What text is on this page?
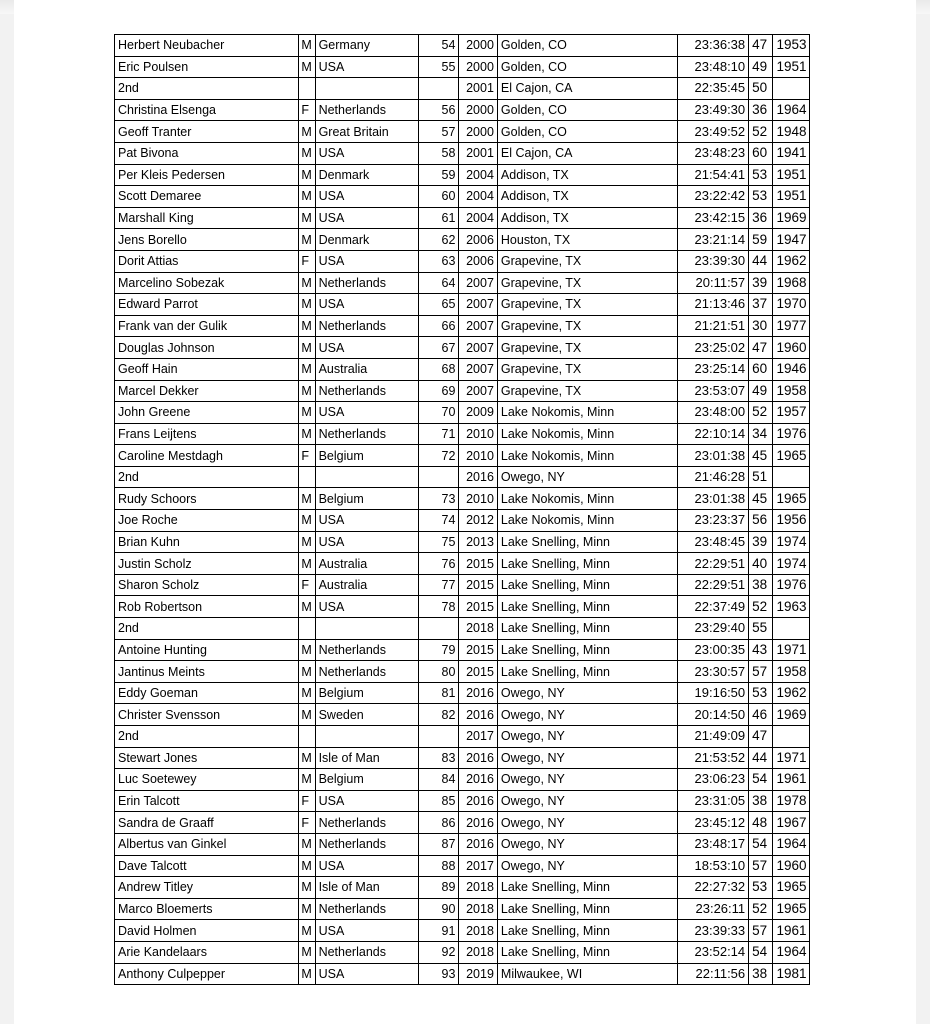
Herbert Neubacher	M	Germany	54	2000	Golden, CO	23:36:38	47	1953
Eric Poulsen	M	USA	55	2000	Golden, CO	23:48:10	49	1951
2nd				2001	El Cajon, CA	22:35:45	50	
Christina Elsenga	F	Netherlands	56	2000	Golden, CO	23:49:30	36	1964
Geoff Tranter	M	Great Britain	57	2000	Golden, CO	23:49:52	52	1948
Pat Bivona	M	USA	58	2001	El Cajon, CA	23:48:23	60	1941
Per Kleis Pedersen	M	Denmark	59	2004	Addison, TX	21:54:41	53	1951
Scott Demaree	M	USA	60	2004	Addison, TX	23:22:42	53	1951
Marshall King	M	USA	61	2004	Addison, TX	23:42:15	36	1969
Jens Borello	M	Denmark	62	2006	Houston, TX	23:21:14	59	1947
Dorit Attias	F	USA	63	2006	Grapevine, TX	23:39:30	44	1962
Marcelino Sobezak	M	Netherlands	64	2007	Grapevine, TX	20:11:57	39	1968
Edward Parrot	M	USA	65	2007	Grapevine, TX	21:13:46	37	1970
Frank van der Gulik	M	Netherlands	66	2007	Grapevine, TX	21:21:51	30	1977
Douglas Johnson	M	USA	67	2007	Grapevine, TX	23:25:02	47	1960
Geoff Hain	M	Australia	68	2007	Grapevine, TX	23:25:14	60	1946
Marcel Dekker	M	Netherlands	69	2007	Grapevine, TX	23:53:07	49	1958
John Greene	M	USA	70	2009	Lake Nokomis, Minn	23:48:00	52	1957
Frans Leijtens	M	Netherlands	71	2010	Lake Nokomis, Minn	22:10:14	34	1976
Caroline Mestdagh	F	Belgium	72	2010	Lake Nokomis, Minn	23:01:38	45	1965
2nd				2016	Owego, NY	21:46:28	51	
Rudy Schoors	M	Belgium	73	2010	Lake Nokomis, Minn	23:01:38	45	1965
Joe Roche	M	USA	74	2012	Lake Nokomis, Minn	23:23:37	56	1956
Brian Kuhn	M	USA	75	2013	Lake Snelling, Minn	23:48:45	39	1974
Justin Scholz	M	Australia	76	2015	Lake Snelling, Minn	22:29:51	40	1974
Sharon Scholz	F	Australia	77	2015	Lake Snelling, Minn	22:29:51	38	1976
Rob Robertson	M	USA	78	2015	Lake Snelling, Minn	22:37:49	52	1963
2nd				2018	Lake Snelling, Minn	23:29:40	55	
Antoine Hunting	M	Netherlands	79	2015	Lake Snelling, Minn	23:00:35	43	1971
Jantinus Meints	M	Netherlands	80	2015	Lake Snelling, Minn	23:30:57	57	1958
Eddy Goeman	M	Belgium	81	2016	Owego, NY	19:16:50	53	1962
Christer Svensson	M	Sweden	82	2016	Owego, NY	20:14:50	46	1969
2nd				2017	Owego, NY	21:49:09	47	
Stewart Jones	M	Isle of Man	83	2016	Owego, NY	21:53:52	44	1971
Luc Soetewey	M	Belgium	84	2016	Owego, NY	23:06:23	54	1961
Erin Talcott	F	USA	85	2016	Owego, NY	23:31:05	38	1978
Sandra de Graaff	F	Netherlands	86	2016	Owego, NY	23:45:12	48	1967
Albertus van Ginkel	M	Netherlands	87	2016	Owego, NY	23:48:17	54	1964
Dave Talcott	M	USA	88	2017	Owego, NY	18:53:10	57	1960
Andrew Titley	M	Isle of Man	89	2018	Lake Snelling, Minn	22:27:32	53	1965
Marco Bloemerts	M	Netherlands	90	2018	Lake Snelling, Minn	23:26:11	52	1965
David Holmen	M	USA	91	2018	Lake Snelling, Minn	23:39:33	57	1961
Arie Kandelaars	M	Netherlands	92	2018	Lake Snelling, Minn	23:52:14	54	1964
Anthony Culpepper	M	USA	93	2019	Milwaukee, WI	22:11:56	38	1981
